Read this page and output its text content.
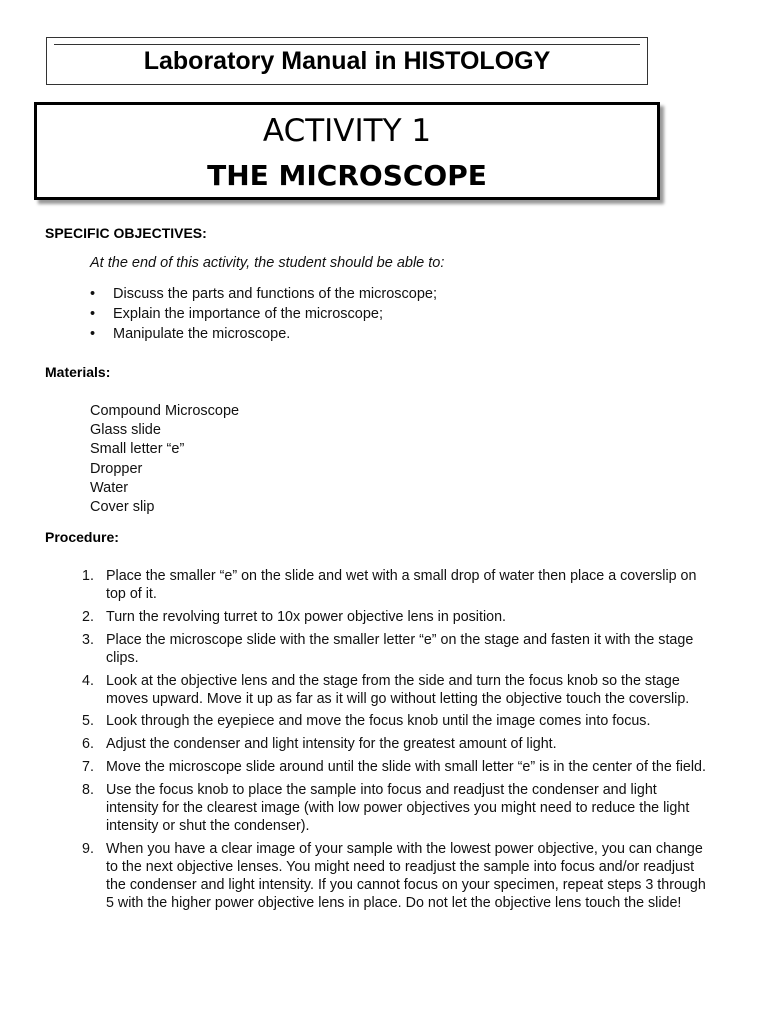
Laboratory Manual in HISTOLOGY
ACTIVITY 1
THE MICROSCOPE
SPECIFIC OBJECTIVES:
At the end of this activity, the student should be able to:
• Discuss the parts and functions of the microscope;
• Explain the importance of the microscope;
• Manipulate the microscope.
Materials:
Compound Microscope
Glass slide
Small letter “e”
Dropper
Water
Cover slip
Procedure:
1. Place the smaller “e” on the slide and wet with a small drop of water then place a coverslip on top of it.
2. Turn the revolving turret to 10x power objective lens in position.
3. Place the microscope slide with the smaller letter “e” on the stage and fasten it with the stage clips.
4. Look at the objective lens and the stage from the side and turn the focus knob so the stage moves upward. Move it up as far as it will go without letting the objective touch the coverslip.
5. Look through the eyepiece and move the focus knob until the image comes into focus.
6. Adjust the condenser and light intensity for the greatest amount of light.
7. Move the microscope slide around until the slide with small letter “e” is in the center of the field.
8. Use the focus knob to place the sample into focus and readjust the condenser and light intensity for the clearest image (with low power objectives you might need to reduce the light intensity or shut the condenser).
9. When you have a clear image of your sample with the lowest power objective, you can change to the next objective lenses. You might need to readjust the sample into focus and/or readjust the condenser and light intensity. If you cannot focus on your specimen, repeat steps 3 through 5 with the higher power objective lens in place. Do not let the objective lens touch the slide!
